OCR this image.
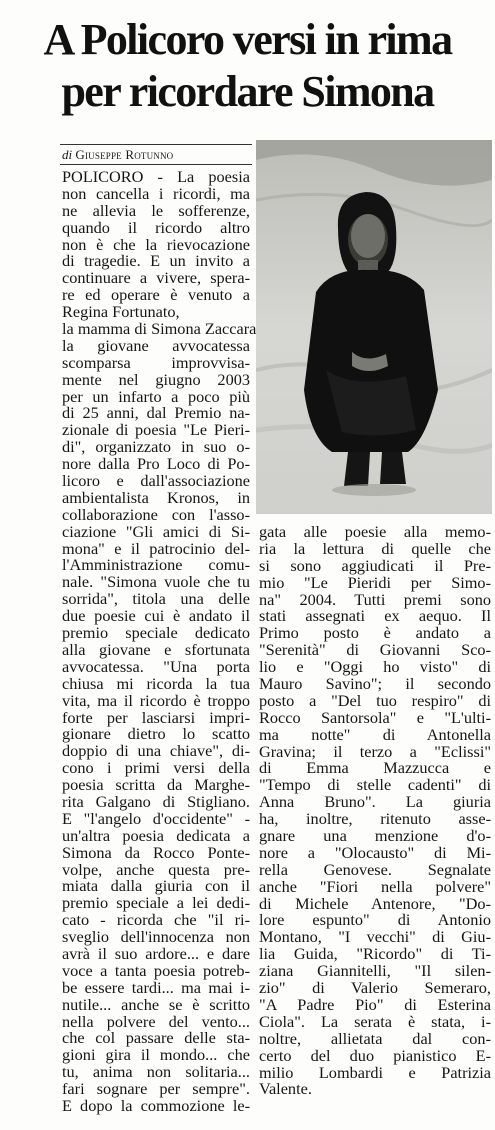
A Policoro versi in rima
per ricordare Simona
di Giuseppe Rotunno
POLICORO - La poesia
non cancella i ricordi, ma
ne allevia le sofferenze,
quando il ricordo altro
non è che la rievocazione
di tragedie. E un invito a
continuare a vivere, spera-
re ed operare è venuto a
Regina Fortunato,
la mamma di Simona Zaccara
la giovane avvocatessa
scomparsa improvvisa-
mente nel giugno 2003
per un infarto a poco più
di 25 anni, dal Premio na-
zionale di poesia "Le Pieri-
di", organizzato in suo o-
nore dalla Pro Loco di Po-
licoro e dall'associazione
ambientalista Kronos, in
collaborazione con l'asso-
ciazione "Gli amici di Si-
mona" e il patrocinio del-
l'Amministrazione comu-
nale. "Simona vuole che tu
sorrida", titola una delle
due poesie cui è andato il
premio speciale dedicato
alla giovane e sfortunata
avvocatessa. "Una porta
chiusa mi ricorda la tua
vita, ma il ricordo è troppo
forte per lasciarsi impri-
gionare dietro lo scatto
doppio di una chiave", di-
cono i primi versi della
poesia scritta da Marghe-
rita Galgano di Stigliano.
E "l'angelo d'occidente" -
un'altra poesia dedicata a
Simona da Rocco Ponte-
volpe, anche questa pre-
miata dalla giuria con il
premio speciale a lei dedi-
cato - ricorda che "il ri-
sveglio dell'innocenza non
avrà il suo ardore... e dare
voce a tanta poesia potreb-
be essere tardi... ma mai i-
nutile... anche se è scritto
nella polvere del vento...
che col passare delle sta-
gioni gira il mondo... che
tu, anima non solitaria...
fari sognare per sempre".
E dopo la commozione le-
gata alle poesie alla memo-
ria la lettura di quelle che
si sono aggiudicati il Pre-
mio "Le Pieridi per Simo-
na" 2004. Tutti premi sono
stati assegnati ex aequo. Il
Primo posto è andato a
"Serenità" di Giovanni Sco-
lio e "Oggi ho visto" di
Mauro Savino"; il secondo
posto a "Del tuo respiro" di
Rocco Santorsola" e "L'ulti-
ma notte" di Antonella
Gravina; il terzo a "Eclissi"
di Emma Mazzucca e
"Tempo di stelle cadenti" di
Anna Bruno". La giuria
ha, inoltre, ritenuto asse-
gnare una menzione d'o-
nore a "Olocausto" di Mi-
rella Genovese. Segnalate
anche "Fiori nella polvere"
di Michele Antenore, "Do-
lore espunto" di Antonio
Montano, "I vecchi" di Giu-
lia Guida, "Ricordo" di Ti-
ziana Giannitelli, "Il silen-
zio" di Valerio Semeraro,
"A Padre Pio" di Esterina
Ciola". La serata è stata, i-
noltre, allietata dal con-
certo del duo pianistico E-
milio Lombardi e Patrizia
Valente.
